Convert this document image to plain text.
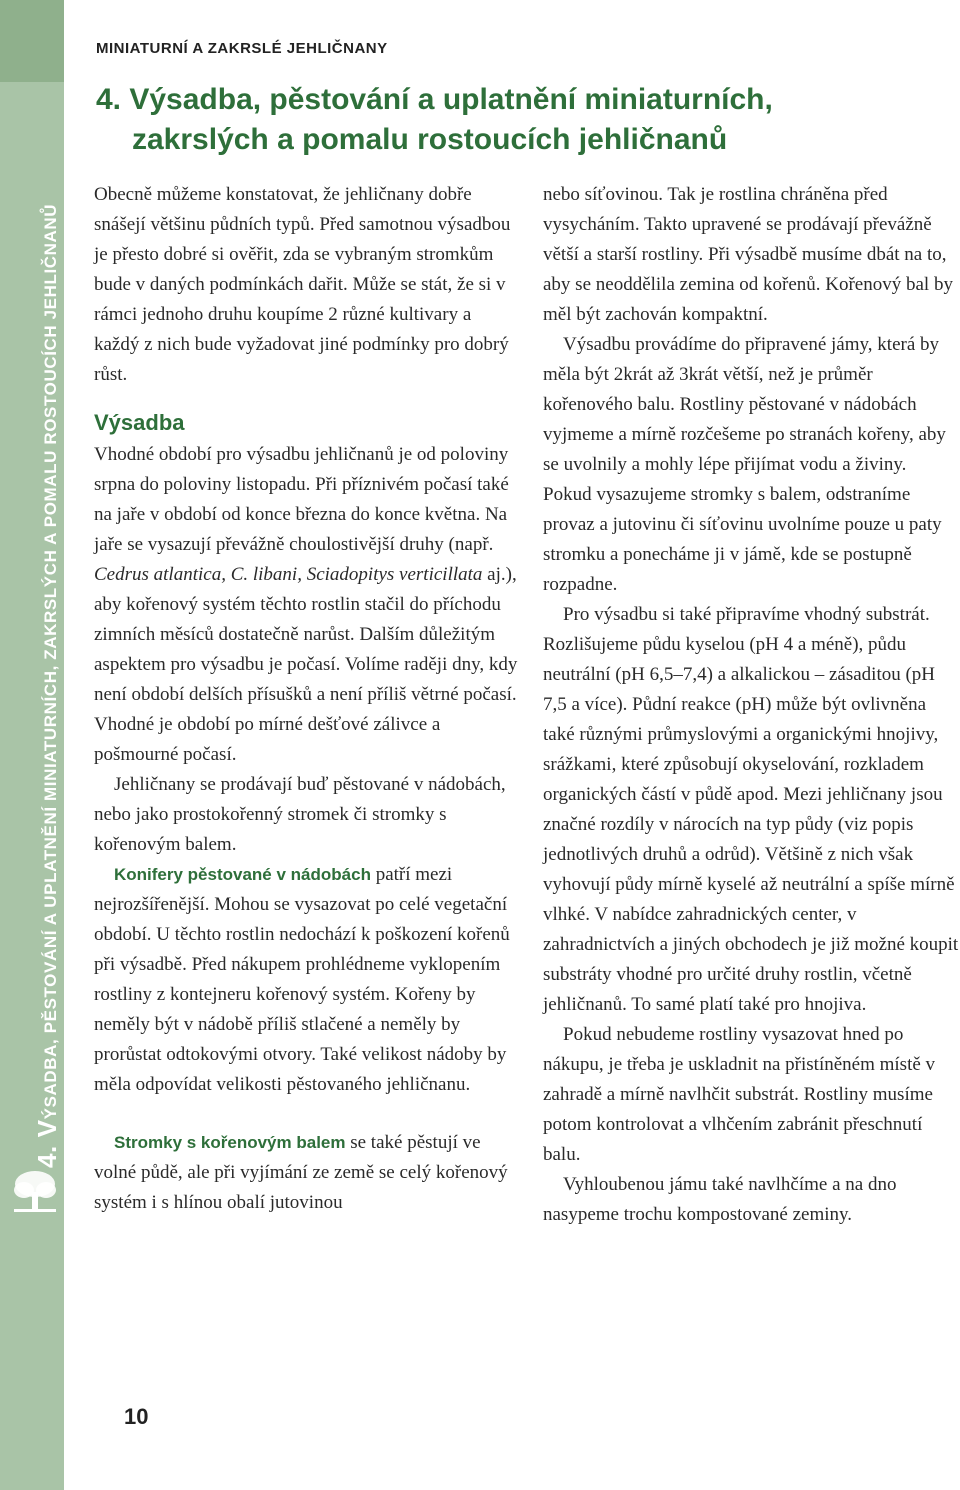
4. VÝSADBA, PĚSTOVÁNÍ A UPLATNĚNÍ MINIATURNÍCH, ZAKRSLÝCH A POMALU ROSTOUCÍCH JEHLIČNANŮ
MINIATURNÍ A ZAKRSLÉ JEHLIČNANY
4. Výsadba, pěstování a uplatnění miniaturních,
zakrslých a pomalu rostoucích jehličnanů

Obecně můžeme konstatovat, že jehličnany dobře snášejí většinu půdních typů. Před samotnou výsadbou je přesto dobré si ověřit, zda se vybraným stromkům bude v daných podmínkách dařit. Může se stát, že si v rámci jednoho druhu koupíme 2 různé kultivary a každý z nich bude vyžadovat jiné podmínky pro dobrý růst.

Výsadba

Vhodné období pro výsadbu jehličnanů je od poloviny srpna do poloviny listopadu. Při příznivém počasí také na jaře v období od konce března do konce května. Na jaře se vysazují převážně choulostivější druhy (např. Cedrus atlantica, C. libani, Sciadopitys verticillata aj.), aby kořenový systém těchto rostlin stačil do příchodu zimních měsíců dostatečně narůst. Dalším důležitým aspektem pro výsadbu je počasí. Volíme raději dny, kdy není období delších přísušků a není příliš větrné počasí. Vhodné je období po mírné dešťové zálivce a pošmourné počasí.

Jehličnany se prodávají buď pěstované v nádobách, nebo jako prostokořenný stromek či stromky s kořenovým balem.

Konifery pěstované v nádobách patří mezi nejrozšířenější. Mohou se vysazovat po celé vegetační období. U těchto rostlin nedochází k poškození kořenů při výsadbě. Před nákupem prohlédneme vyklopením rostliny z kontejneru kořenový systém. Kořeny by neměly být v nádobě příliš stlačené a neměly by prorůstat odtokovými otvory. Také velikost nádoby by měla odpovídat velikosti pěstovaného jehličnanu.

Stromky s kořenovým balem se také pěstují ve volné půdě, ale při vyjímání ze země se celý kořenový systém i s hlínou obalí jutovinou

nebo síťovinou. Tak je rostlina chráněna před vysycháním. Takto upravené se prodávají převážně větší a starší rostliny. Při výsadbě musíme dbát na to, aby se neoddělila zemina od kořenů. Kořenový bal by měl být zachován kompaktní.

Výsadbu provádíme do připravené jámy, která by měla být 2krát až 3krát větší, než je průměr kořenového balu. Rostliny pěstované v nádobách vyjmeme a mírně rozčešeme po stranách kořeny, aby se uvolnily a mohly lépe přijímat vodu a živiny. Pokud vysazujeme stromky s balem, odstraníme provaz a jutovinu či síťovinu uvolníme pouze u paty stromku a ponecháme ji v jámě, kde se postupně rozpadne.

Pro výsadbu si také připravíme vhodný substrát. Rozlišujeme půdu kyselou (pH 4 a méně), půdu neutrální (pH 6,5–7,4) a alkalickou – zásaditou (pH 7,5 a více). Půdní reakce (pH) může být ovlivněna také různými průmyslovými a organickými hnojivy, srážkami, které způsobují okyselování, rozkladem organických částí v půdě apod. Mezi jehličnany jsou značné rozdíly v nárocích na typ půdy (viz popis jednotlivých druhů a odrůd). Většině z nich však vyhovují půdy mírně kyselé až neutrální a spíše mírně vlhké. V nabídce zahradnických center, v zahradnictvích a jiných obchodech je již možné koupit substráty vhodné pro určité druhy rostlin, včetně jehličnanů. To samé platí také pro hnojiva.

Pokud nebudeme rostliny vysazovat hned po nákupu, je třeba je uskladnit na přistíněném místě v zahradě a mírně navlhčit substrát. Rostliny musíme potom kontrolovat a vlhčením zabránit přeschnutí balu.

Vyhloubenou jámu také navlhčíme a na dno nasypeme trochu kompostované zeminy.

10
